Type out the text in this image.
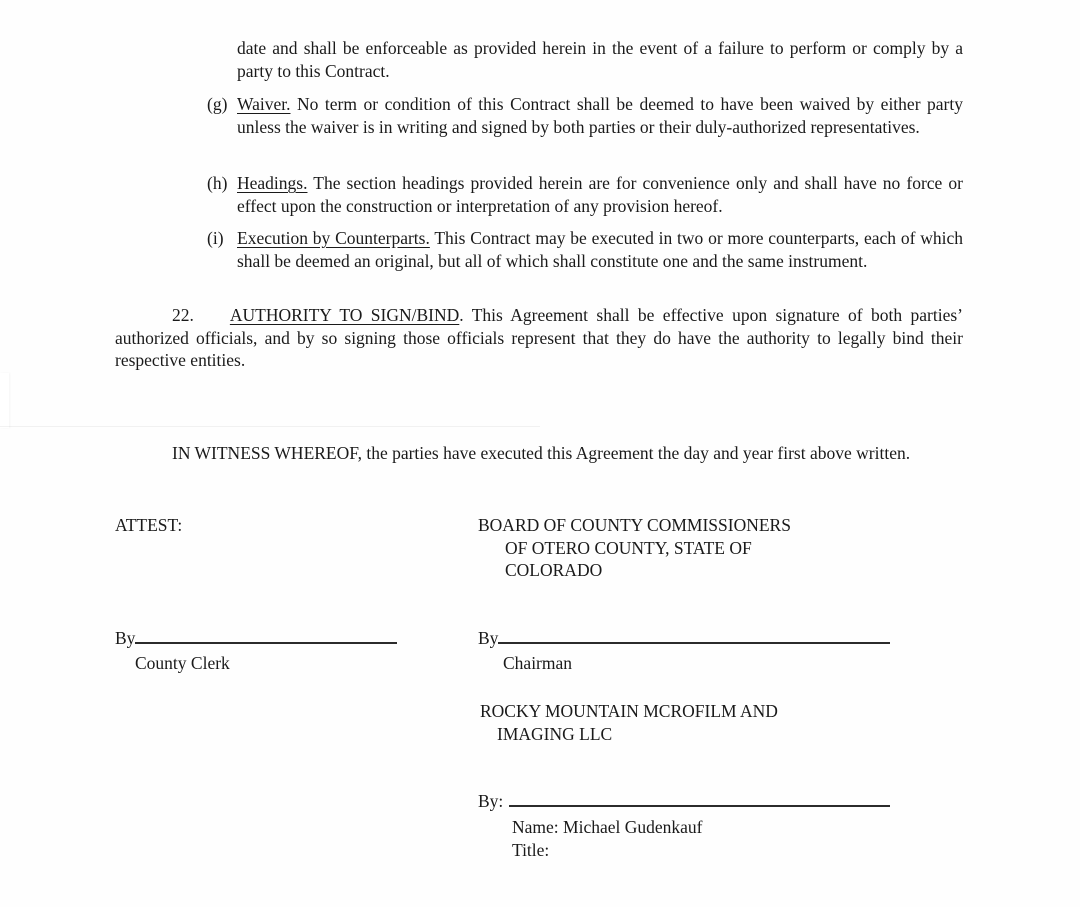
date and shall be enforceable as provided herein in the event of a failure to perform or comply by a party to this Contract.

(g) Waiver. No term or condition of this Contract shall be deemed to have been waived by either party unless the waiver is in writing and signed by both parties or their duly-authorized representatives.

(h) Headings. The section headings provided herein are for convenience only and shall have no force or effect upon the construction or interpretation of any provision hereof.

(i) Execution by Counterparts. This Contract may be executed in two or more counterparts, each of which shall be deemed an original, but all of which shall constitute one and the same instrument.

22. AUTHORITY TO SIGN/BIND. This Agreement shall be effective upon signature of both parties’ authorized officials, and by so signing those officials represent that they do have the authority to legally bind their respective entities.

IN WITNESS WHEREOF, the parties have executed this Agreement the day and year first above written.

ATTEST:	BOARD OF COUNTY COMMISSIONERS
OF OTERO COUNTY, STATE OF
COLORADO
By
County Clerk
By
Chairman
ROCKY MOUNTAIN MCROFILM AND
IMAGING LLC
By:
Name: Michael Gudenkauf
Title:
